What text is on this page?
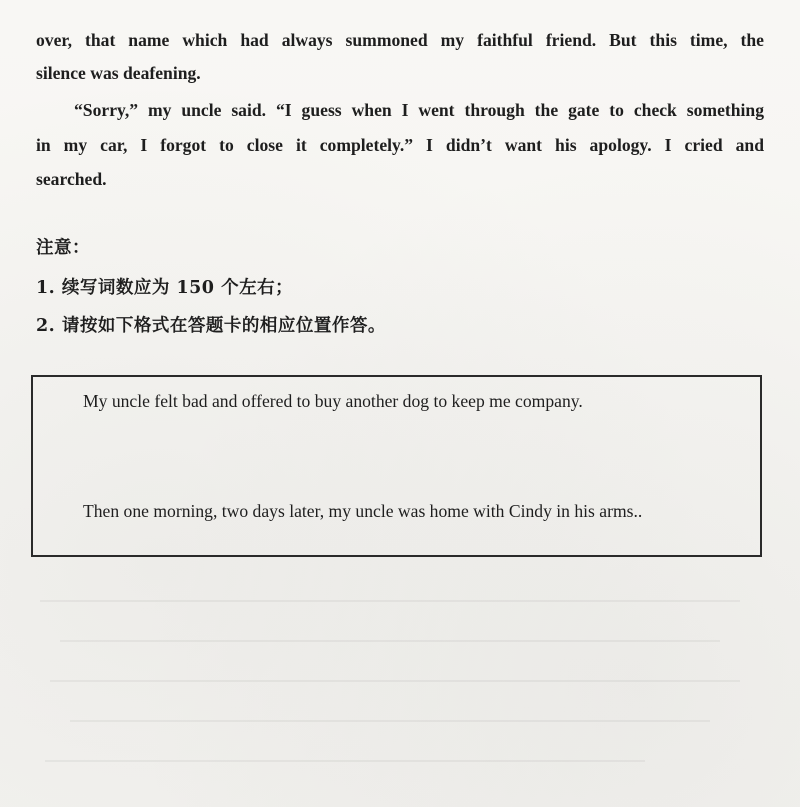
over, that name which had always summoned my faithful friend. But this time, the
silence was deafening.
“Sorry,” my uncle said. “I guess when I went through the gate to check something
in my car, I forgot to close it completely.” I didn’t want his apology. I cried and
searched.
注意：
1. 续写词数应为 150 个左右；
2. 请按如下格式在答题卡的相应位置作答。
My uncle felt bad and offered to buy another dog to keep me company.
Then one morning, two days later, my uncle was home with Cindy in his arms..
